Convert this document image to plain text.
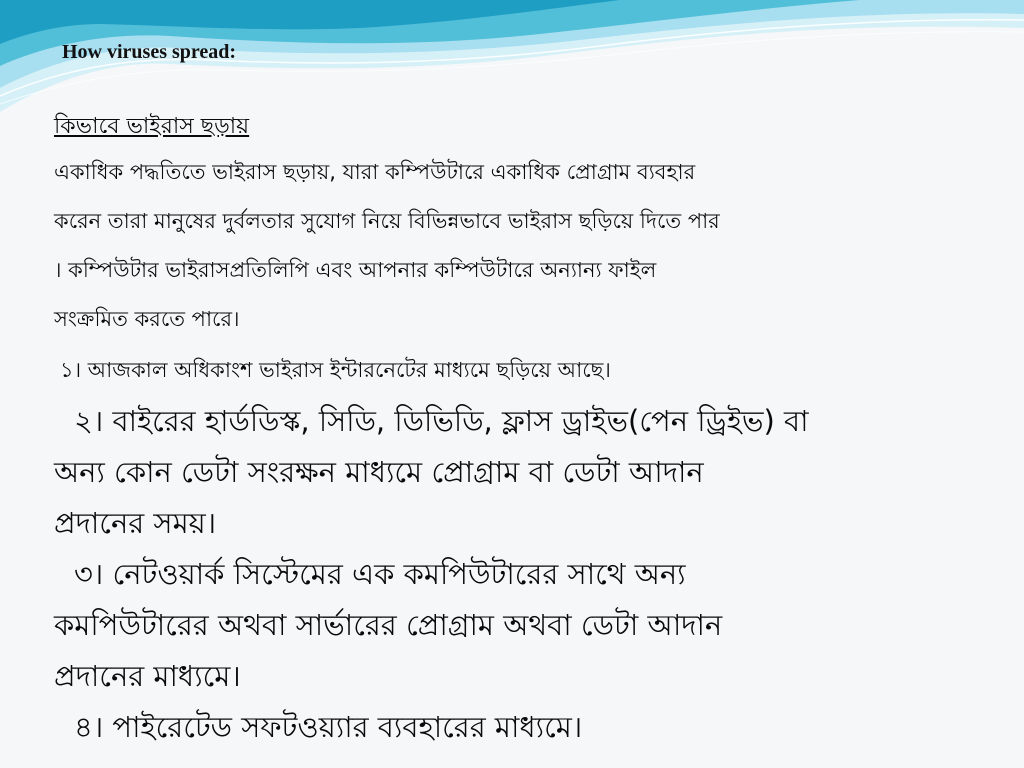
How viruses spread:
কিভাবে ভাইরাস ছড়ায়
একাধিক পদ্ধতিতে ভাইরাস ছড়ায়, যারা কম্পিউটারে একাধিক প্রোগ্রাম ব্যবহার
করেন তারা মানুষের দুর্বলতার সুযোগ নিয়ে বিভিন্নভাবে ভাইরাস ছড়িয়ে দিতে পার
। কম্পিউটার ভাইরাসপ্রতিলিপি এবং আপনার কম্পিউটারে অন্যান্য ফাইল
সংক্রমিত করতে পারে।
১। আজকাল অধিকাংশ ভাইরাস ইন্টারনেটের মাধ্যমে ছড়িয়ে আছে।
২। বাইরের হার্ডডিস্ক, সিডি, ডিভিডি, ফ্লাস ড্রাইভ(পেন ড্রিইভ) বা
অন্য কোন ডেটা সংরক্ষন মাধ্যমে প্রোগ্রাম বা ডেটা আদান
প্রদানের সময়।
৩। নেটওয়ার্ক সিস্টেমের এক কমপিউটারের সাথে অন্য
কমপিউটারের অথবা সার্ভারের প্রোগ্রাম অথবা ডেটা আদান
প্রদানের মাধ্যমে।
৪। পাইরেটেড সফটওয়্যার ব্যবহারের মাধ্যমে।
